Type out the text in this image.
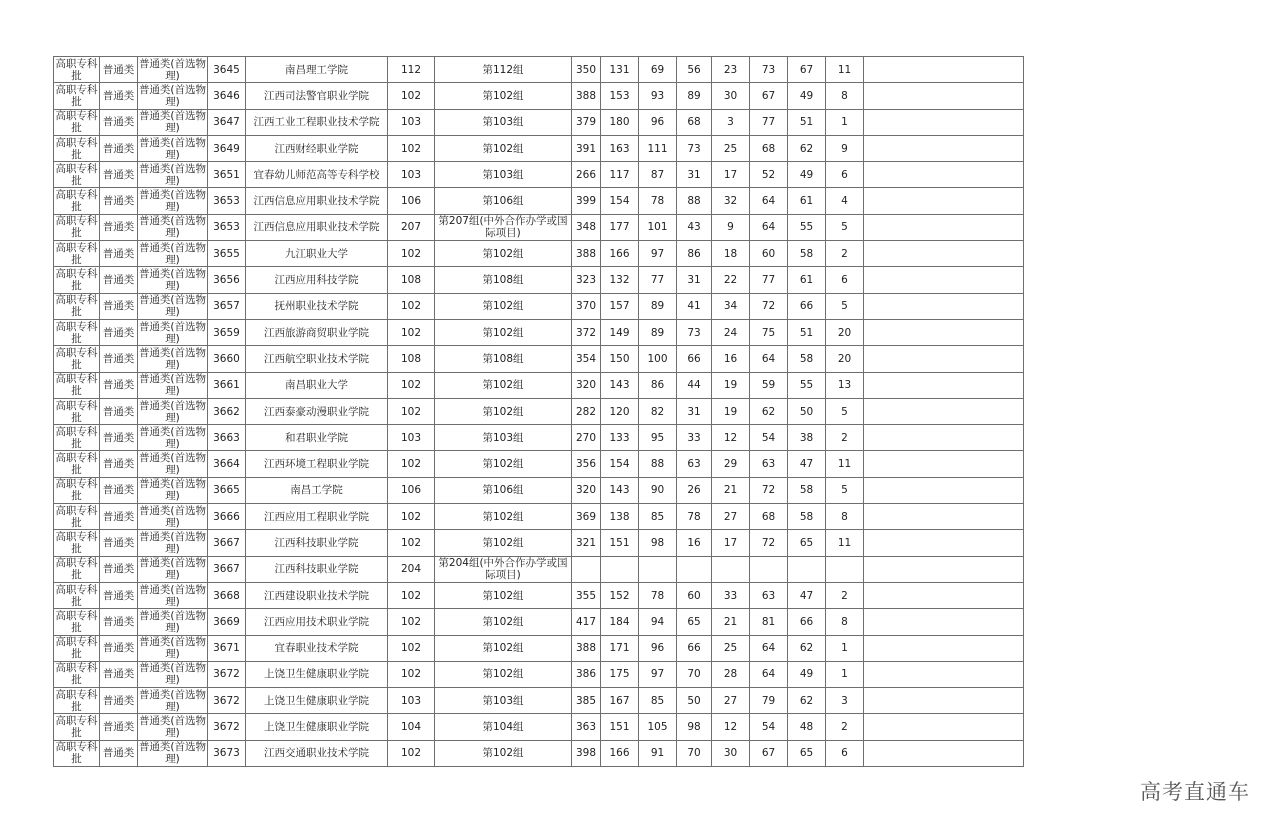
高职专科批	普通类	普通类(首选物理)	3645	南昌理工学院	112	第112组	350	131	69	56	23	73	67	11	
高职专科批	普通类	普通类(首选物理)	3646	江西司法警官职业学院	102	第102组	388	153	93	89	30	67	49	8	
高职专科批	普通类	普通类(首选物理)	3647	江西工业工程职业技术学院	103	第103组	379	180	96	68	3	77	51	1	
高职专科批	普通类	普通类(首选物理)	3649	江西财经职业学院	102	第102组	391	163	111	73	25	68	62	9	
高职专科批	普通类	普通类(首选物理)	3651	宜春幼儿师范高等专科学校	103	第103组	266	117	87	31	17	52	49	6	
高职专科批	普通类	普通类(首选物理)	3653	江西信息应用职业技术学院	106	第106组	399	154	78	88	32	64	61	4	
高职专科批	普通类	普通类(首选物理)	3653	江西信息应用职业技术学院	207	第207组(中外合作办学或国际项目)	348	177	101	43	9	64	55	5	
高职专科批	普通类	普通类(首选物理)	3655	九江职业大学	102	第102组	388	166	97	86	18	60	58	2	
高职专科批	普通类	普通类(首选物理)	3656	江西应用科技学院	108	第108组	323	132	77	31	22	77	61	6	
高职专科批	普通类	普通类(首选物理)	3657	抚州职业技术学院	102	第102组	370	157	89	41	34	72	66	5	
高职专科批	普通类	普通类(首选物理)	3659	江西旅游商贸职业学院	102	第102组	372	149	89	73	24	75	51	20	
高职专科批	普通类	普通类(首选物理)	3660	江西航空职业技术学院	108	第108组	354	150	100	66	16	64	58	20	
高职专科批	普通类	普通类(首选物理)	3661	南昌职业大学	102	第102组	320	143	86	44	19	59	55	13	
高职专科批	普通类	普通类(首选物理)	3662	江西泰豪动漫职业学院	102	第102组	282	120	82	31	19	62	50	5	
高职专科批	普通类	普通类(首选物理)	3663	和君职业学院	103	第103组	270	133	95	33	12	54	38	2	
高职专科批	普通类	普通类(首选物理)	3664	江西环境工程职业学院	102	第102组	356	154	88	63	29	63	47	11	
高职专科批	普通类	普通类(首选物理)	3665	南昌工学院	106	第106组	320	143	90	26	21	72	58	5	
高职专科批	普通类	普通类(首选物理)	3666	江西应用工程职业学院	102	第102组	369	138	85	78	27	68	58	8	
高职专科批	普通类	普通类(首选物理)	3667	江西科技职业学院	102	第102组	321	151	98	16	17	72	65	11	
高职专科批	普通类	普通类(首选物理)	3667	江西科技职业学院	204	第204组(中外合作办学或国际项目)									
高职专科批	普通类	普通类(首选物理)	3668	江西建设职业技术学院	102	第102组	355	152	78	60	33	63	47	2	
高职专科批	普通类	普通类(首选物理)	3669	江西应用技术职业学院	102	第102组	417	184	94	65	21	81	66	8	
高职专科批	普通类	普通类(首选物理)	3671	宜春职业技术学院	102	第102组	388	171	96	66	25	64	62	1	
高职专科批	普通类	普通类(首选物理)	3672	上饶卫生健康职业学院	102	第102组	386	175	97	70	28	64	49	1	
高职专科批	普通类	普通类(首选物理)	3672	上饶卫生健康职业学院	103	第103组	385	167	85	50	27	79	62	3	
高职专科批	普通类	普通类(首选物理)	3672	上饶卫生健康职业学院	104	第104组	363	151	105	98	12	54	48	2	
高职专科批	普通类	普通类(首选物理)	3673	江西交通职业技术学院	102	第102组	398	166	91	70	30	67	65	6	
高考直通车
